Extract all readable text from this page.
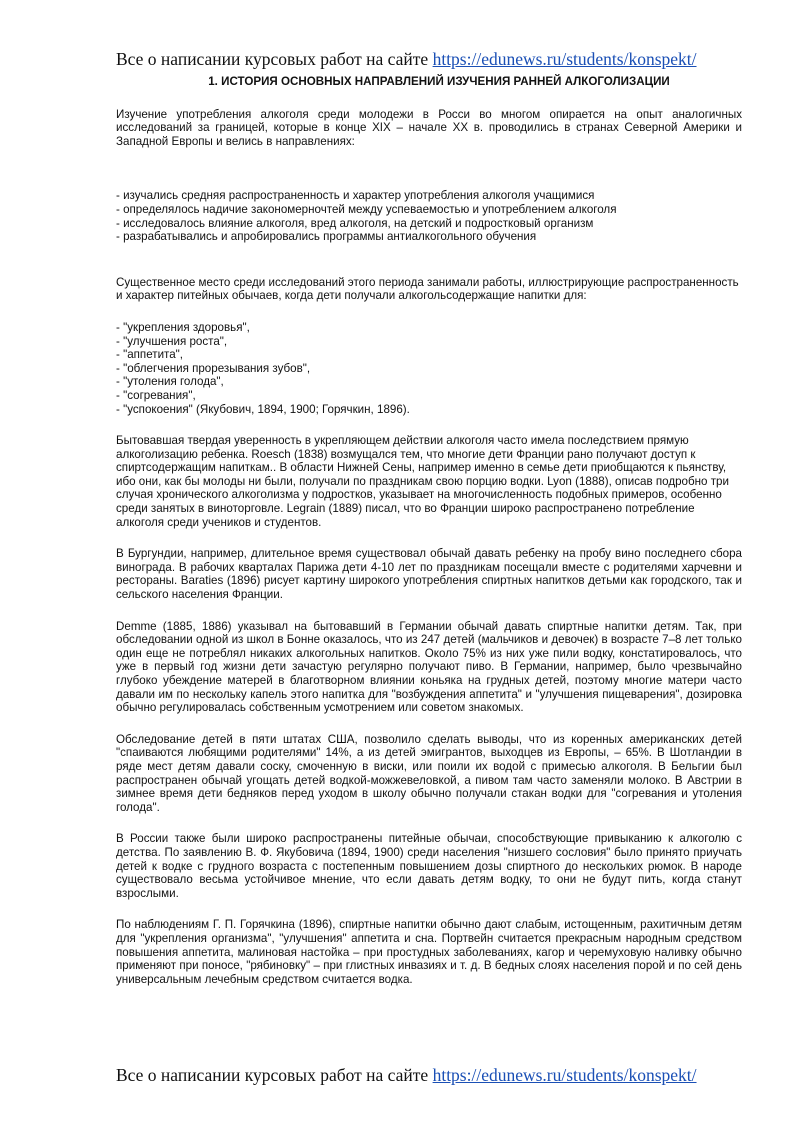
Все о написании курсовых работ на сайте https://edunews.ru/students/konspekt/
1. ИСТОРИЯ ОСНОВНЫХ НАПРАВЛЕНИЙ ИЗУЧЕНИЯ РАННЕЙ АЛКОГОЛИЗАЦИИ

Изучение употребления алкоголя среди молодежи в Росси во многом опирается на опыт аналогичных исследований за границей, которые в конце XIX – начале XX в. проводились в странах Северной Америки и Западной Европы и велись в направлениях:

- изучались средняя распространенность и характер употребления алкоголя учащимися
- определялось надичие закономерночтей между успеваемостью и употреблением алкоголя
- исследовалось влияние алкоголя, вред алкоголя, на детский и подростковый организм
- разрабатывались и апробировались программы антиалкогольного обучения

Существенное место среди исследований этого периода занимали работы, иллюстрирующие распространенность и характер питейных обычаев, когда дети получали алкогольсодержащие напитки для:

- "укрепления здоровья",
- "улучшения роста",
- "аппетита",
- "облегчения прорезывания зубов",
- "утоления голода",
- "согревания",
- "успокоения" (Якубович, 1894, 1900; Горячкин, 1896).

Бытовавшая твердая уверенность в укрепляющем действии алкоголя часто имела последствием прямую алкоголизацию ребенка. Roesch (1838) возмущался тем, что многие дети Франции рано получают доступ к спиртсодержащим напиткам.. В области Нижней Сены, например именно в семье дети приобщаются к пьянству, ибо они, как бы молоды ни были, получали по праздникам свою порцию водки. Lyon (1888), описав подробно три случая хронического алкоголизма у подростков, указывает на многочисленность подобных примеров, особенно среди занятых в виноторговле. Legrain (1889) писал, что во Франции широко распространено потребление алкоголя среди учеников и студентов.

В Бургундии, например, длительное время существовал обычай давать ребенку на пробу вино последнего сбора винограда. В рабочих кварталах Парижа дети 4-10 лет по праздникам посещали вместе с родителями харчевни и рестораны. Baraties (1896) рисует картину широкого употребления спиртных напитков детьми как городского, так и сельского населения Франции.

Demme (1885, 1886) указывал на бытовавший в Германии обычай давать спиртные напитки детям. Так, при обследовании одной из школ в Бонне оказалось, что из 247 детей (мальчиков и девочек) в возрасте 7–8 лет только один еще не потреблял никаких алкогольных напитков. Около 75% из них уже пили водку, констатировалось, что уже в первый год жизни дети зачастую регулярно получают пиво. В Германии, например, было чрезвычайно глубоко убеждение матерей в благотворном влиянии коньяка на грудных детей, поэтому многие матери часто давали им по нескольку капель этого напитка для "возбуждения аппетита" и "улучшения пищеварения", дозировка обычно регулировалась собственным усмотрением или советом знакомых.

Обследование детей в пяти штатах США, позволило сделать выводы, что из коренных американских детей "спаиваются любящими родителями" 14%, а из детей эмигрантов, выходцев из Европы, – 65%. В Шотландии в ряде мест детям давали соску, смоченную в виски, или поили их водой с примесью алкоголя. В Бельгии был распространен обычай угощать детей водкой-можжевеловкой, а пивом там часто заменяли молоко. В Австрии в зимнее время дети бедняков перед уходом в школу обычно получали стакан водки для "согревания и утоления голода".

В России также были широко распространены питейные обычаи, способствующие привыканию к алкоголю с детства. По заявлению В. Ф. Якубовича (1894, 1900) среди населения "низшего сословия" было принято приучать детей к водке с грудного возраста с постепенным повышением дозы спиртного до нескольких рюмок. В народе существовало весьма устойчивое мнение, что если давать детям водку, то они не будут пить, когда станут взрослыми.

По наблюдениям Г. П. Горячкина (1896), спиртные напитки обычно дают слабым, истощенным, рахитичным детям для "укрепления организма", "улучшения" аппетита и сна. Портвейн считается прекрасным народным средством повышения аппетита, малиновая настойка – при простудных заболеваниях, кагор и черемуховую наливку обычно применяют при поносе, "рябиновку" – при глистных инвазиях и т. д. В бедных слоях населения порой и по сей день универсальным лечебным средством считается водка.

Все о написании курсовых работ на сайте https://edunews.ru/students/konspekt/
